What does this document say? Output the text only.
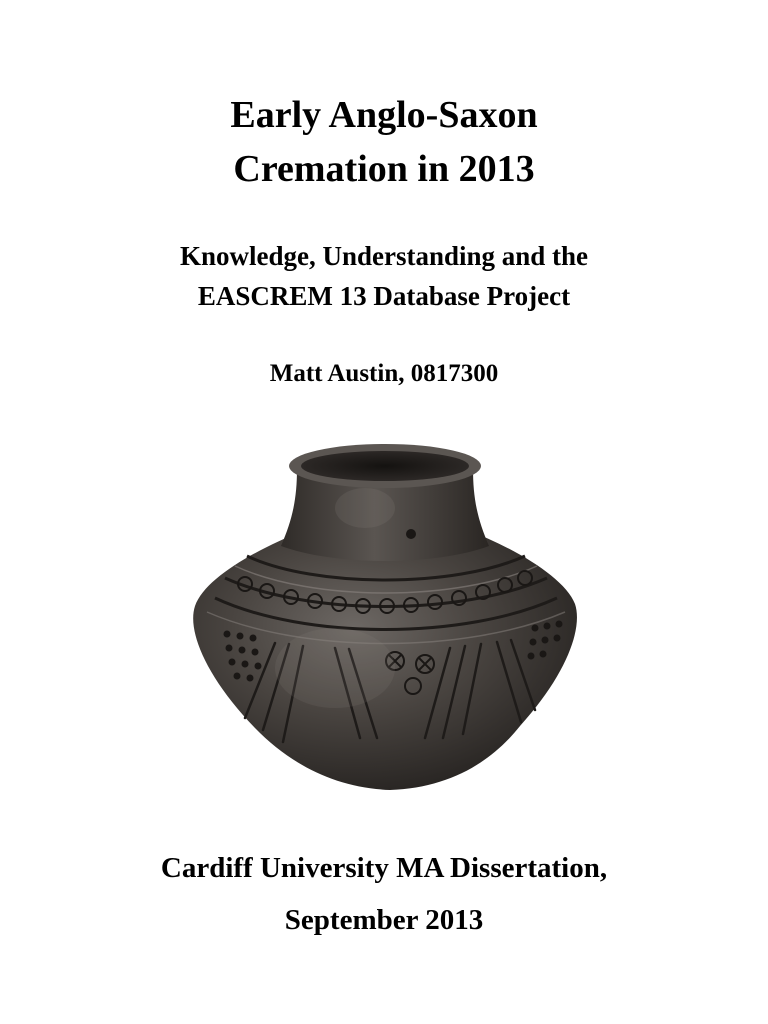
Early Anglo-Saxon
Cremation in 2013
Knowledge, Understanding and the
EASCREM 13 Database Project

Matt Austin, 0817300

Cardiff University MA Dissertation,

September 2013
